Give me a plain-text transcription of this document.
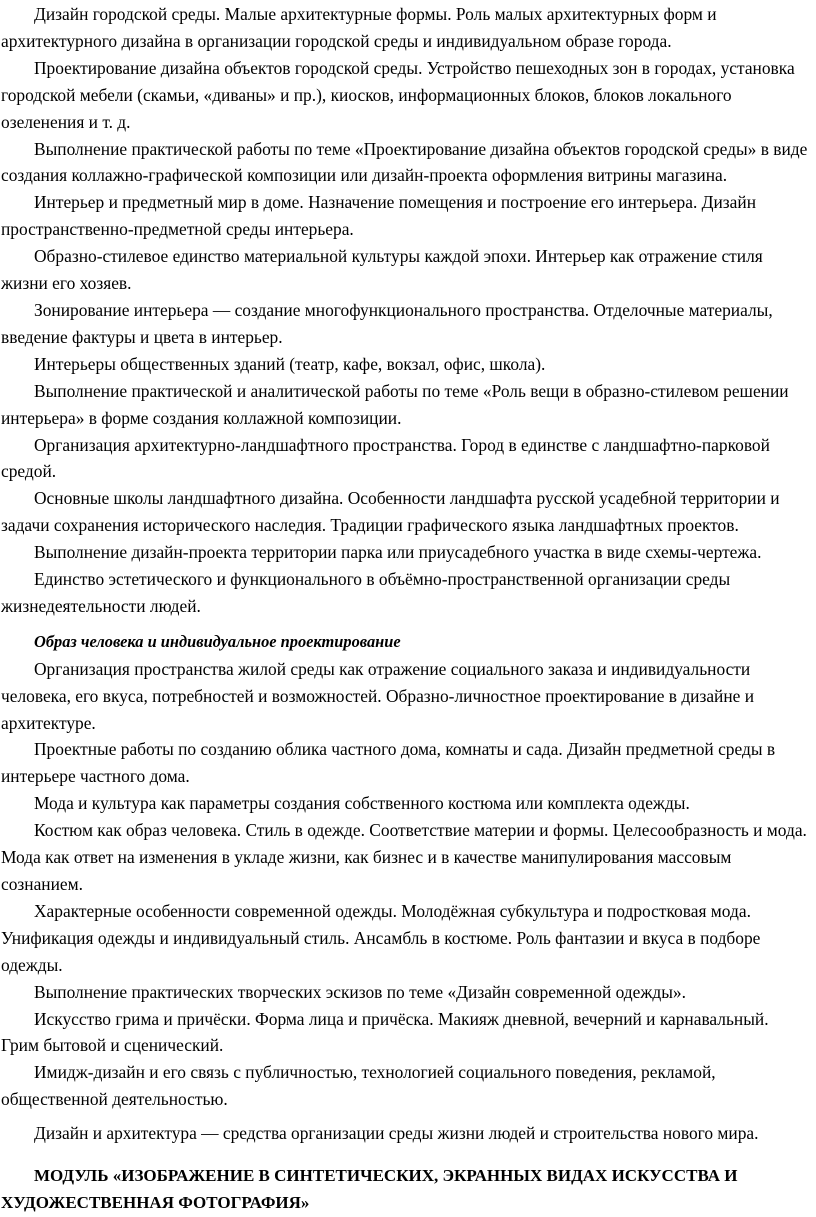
Дизайн городской среды. Малые архитектурные формы. Роль малых архитектурных форм и архитектурного дизайна в организации городской среды и индивидуальном образе города.

Проектирование дизайна объектов городской среды. Устройство пешеходных зон в городах, установка городской мебели (скамьи, «диваны» и пр.), киосков, информационных блоков, блоков локального озеленения и т. д.

Выполнение практической работы по теме «Проектирование дизайна объектов городской среды» в виде создания коллажно-графической композиции или дизайн-проекта оформления витрины магазина.

Интерьер и предметный мир в доме. Назначение помещения и построение его интерьера. Дизайн пространственно-предметной среды интерьера.

Образно-стилевое единство материальной культуры каждой эпохи. Интерьер как отражение стиля жизни его хозяев.

Зонирование интерьера — создание многофункционального пространства. Отделочные материалы, введение фактуры и цвета в интерьер.

Интерьеры общественных зданий (театр, кафе, вокзал, офис, школа).

Выполнение практической и аналитической работы по теме «Роль вещи в образно-стилевом решении интерьера» в форме создания коллажной композиции.

Организация архитектурно-ландшафтного пространства. Город в единстве с ландшафтно-парковой средой.

Основные школы ландшафтного дизайна. Особенности ландшафта русской усадебной территории и задачи сохранения исторического наследия. Традиции графического языка ландшафтных проектов.

Выполнение дизайн-проекта территории парка или приусадебного участка в виде схемы-чертежа.

Единство эстетического и функционального в объёмно-пространственной организации среды жизнедеятельности людей.

Образ человека и индивидуальное проектирование

Организация пространства жилой среды как отражение социального заказа и индивидуальности человека, его вкуса, потребностей и возможностей. Образно-личностное проектирование в дизайне и архитектуре.

Проектные работы по созданию облика частного дома, комнаты и сада. Дизайн предметной среды в интерьере частного дома.

Мода и культура как параметры создания собственного костюма или комплекта одежды.

Костюм как образ человека. Стиль в одежде. Соответствие материи и формы. Целесообразность и мода. Мода как ответ на изменения в укладе жизни, как бизнес и в качестве манипулирования массовым сознанием.

Характерные особенности современной одежды. Молодёжная субкультура и подростковая мода. Унификация одежды и индивидуальный стиль. Ансамбль в костюме. Роль фантазии и вкуса в подборе одежды.

Выполнение практических творческих эскизов по теме «Дизайн современной одежды».

Искусство грима и причёски. Форма лица и причёска. Макияж дневной, вечерний и карнавальный. Грим бытовой и сценический.

Имидж-дизайн и его связь с публичностью, технологией социального поведения, рекламой, общественной деятельностью.

Дизайн и архитектура — средства организации среды жизни людей и строительства нового мира.

МОДУЛЬ «ИЗОБРАЖЕНИЕ В СИНТЕТИЧЕСКИХ, ЭКРАННЫХ ВИДАХ ИСКУССТВА И ХУДОЖЕСТВЕННАЯ ФОТОГРАФИЯ»
